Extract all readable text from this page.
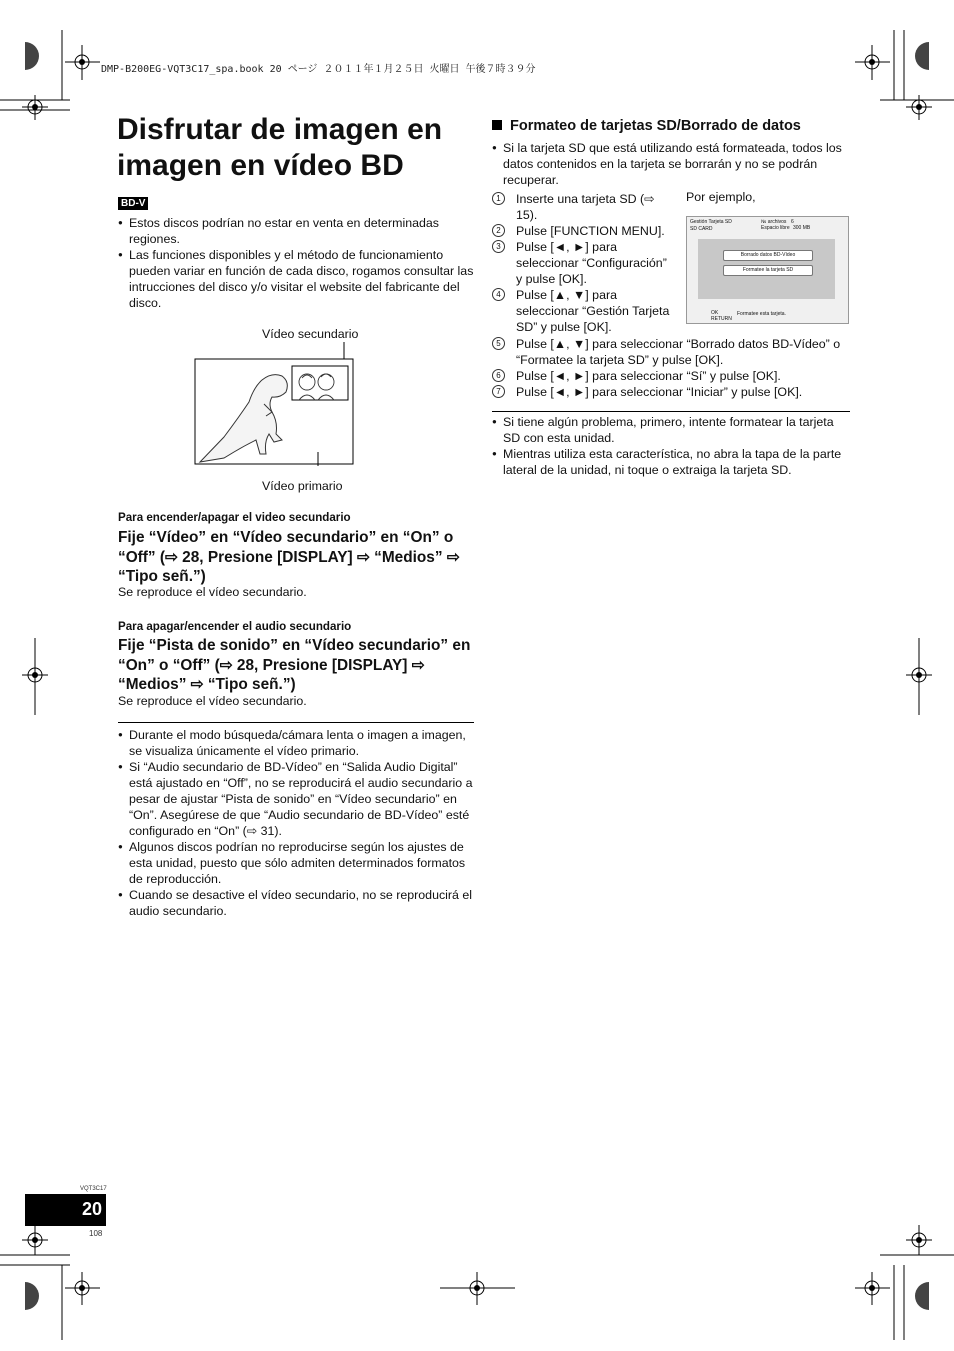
DMP-B200EG-VQT3C17_spa.book 20 ページ ２０１１年１月２５日 火曜日 午後７時３９分
Disfrutar de imagen en imagen en vídeo BD
BD-V
● Estos discos podrían no estar en venta en determinadas regiones.
● Las funciones disponibles y el método de funcionamiento pueden variar en función de cada disco, rogamos consultar las intrucciones del disco y/o visitar el website del fabricante del disco.
Vídeo secundario
Vídeo primario
Para encender/apagar el video secundario
Fije “Vídeo” en “Vídeo secundario” en “On” o “Off” (⇨ 28, Presione [DISPLAY] ⇨ “Medios” ⇨ “Tipo señ.”)
Se reproduce el vídeo secundario.
Para apagar/encender el audio secundario
Fije “Pista de sonido” en “Vídeo secundario” en “On” o “Off” (⇨ 28, Presione [DISPLAY] ⇨ “Medios” ⇨ “Tipo señ.”)
Se reproduce el vídeo secundario.
● Durante el modo búsqueda/cámara lenta o imagen a imagen, se visualiza únicamente el vídeo primario.
● Si “Audio secundario de BD-Vídeo” en “Salida Audio Digital” está ajustado en “Off”, no se reproducirá el audio secundario a pesar de ajustar “Pista de sonido” en “Vídeo secundario” en “On”. Asegúrese de que “Audio secundario de BD-Vídeo” esté configurado en “On” (⇨ 31).
● Algunos discos podrían no reproducirse según los ajustes de esta unidad, puesto que sólo admiten determinados formatos de reproducción.
● Cuando se desactive el vídeo secundario, no se reproducirá el audio secundario.
Formateo de tarjetas SD/Borrado de datos
● Si la tarjeta SD que está utilizando está formateada, todos los datos contenidos en la tarjeta se borrarán y no se podrán recuperar.
Por ejemplo,
1	Inserte una tarjeta SD (⇨ 15).
2	Pulse [FUNCTION MENU].
3	Pulse [◄, ►] para seleccionar “Configuración” y pulse [OK].
4	Pulse [▲, ▼] para seleccionar “Gestión Tarjeta SD” y pulse [OK].
5	Pulse [▲, ▼] para seleccionar “Borrado datos BD-Vídeo” o “Formatee la tarjeta SD” y pulse [OK].
6	Pulse [◄, ►] para seleccionar “Sí” y pulse [OK].
7	Pulse [◄, ►] para seleccionar “Iniciar” y pulse [OK].
Gestión Tarjeta SD
SD CARD
№ archivos 6
Espacio libre 300 MB
Borrado datos BD-Vídeo
Formatee la tarjeta SD
OK
RETURN
Formatee esta tarjeta.
● Si tiene algún problema, primero, intente formatear la tarjeta SD con esta unidad.
● Mientras utiliza esta característica, no abra la tapa de la parte lateral de la unidad, ni toque o extraiga la tarjeta SD.
VQT3C17
20
108
